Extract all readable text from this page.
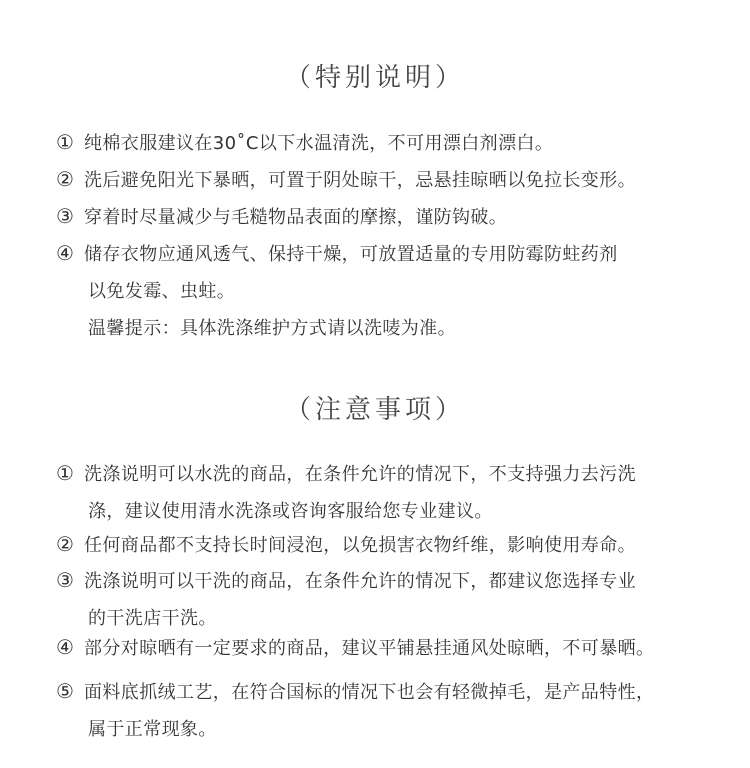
（特别说明）
① 纯棉衣服建议在30˚C以下水温清洗，不可用漂白剂漂白。
② 洗后避免阳光下暴晒，可置于阴处晾干，忌悬挂晾晒以免拉长变形。
③ 穿着时尽量减少与毛糙物品表面的摩擦，谨防钩破。
④ 储存衣物应通风透气、保持干燥，可放置适量的专用防霉防蛀药剂
以免发霉、虫蛀。
温馨提示：具体洗涤维护方式请以洗唛为准。
（注意事项）
① 洗涤说明可以水洗的商品，在条件允许的情况下，不支持强力去污洗
涤，建议使用清水洗涤或咨询客服给您专业建议。
② 任何商品都不支持长时间浸泡，以免损害衣物纤维，影响使用寿命。
③ 洗涤说明可以干洗的商品，在条件允许的情况下，都建议您选择专业
的干洗店干洗。
④ 部分对晾晒有一定要求的商品，建议平铺悬挂通风处晾晒，不可暴晒。
⑤ 面料底抓绒工艺，在符合国标的情况下也会有轻微掉毛，是产品特性，
属于正常现象。
